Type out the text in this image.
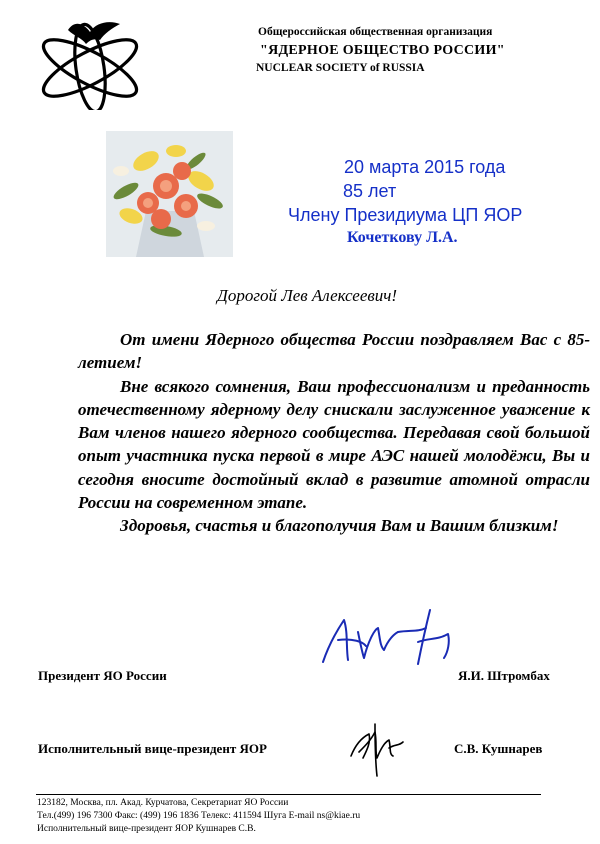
Общероссийская общественная организация
"ЯДЕРНОЕ ОБЩЕСТВО РОССИИ"
NUCLEAR SOCIETY of RUSSIA
20 марта 2015 года
85 лет
Члену Президиума ЦП ЯОР
Кочеткову Л.А.
Дорогой Лев Алексеевич!

От имени Ядерного общества России поздравляем Вас с 85-летием!

Вне всякого сомнения, Ваш профессионализм и преданность отечественному ядерному делу снискали заслуженное уважение к Вам членов нашего ядерного сообщества. Передавая свой большой опыт участника пуска первой в мире АЭС нашей молодёжи, Вы и сегодня вносите достойный вклад в развитие атомной отрасли России на современном этапе.

Здоровья, счастья и благополучия Вам и Вашим близким!

Президент ЯО России	Я.И. Штромбах
Исполнительный вице-президент ЯОР	С.В. Кушнарев
123182, Москва, пл. Акад. Курчатова, Секретариат ЯО России
Тел.(499) 196 7300 Факс: (499) 196 1836 Телекс: 411594 Шуга E-mail ns@kiae.ru
Исполнительный вице-президент ЯОР Кушнарев С.В.
